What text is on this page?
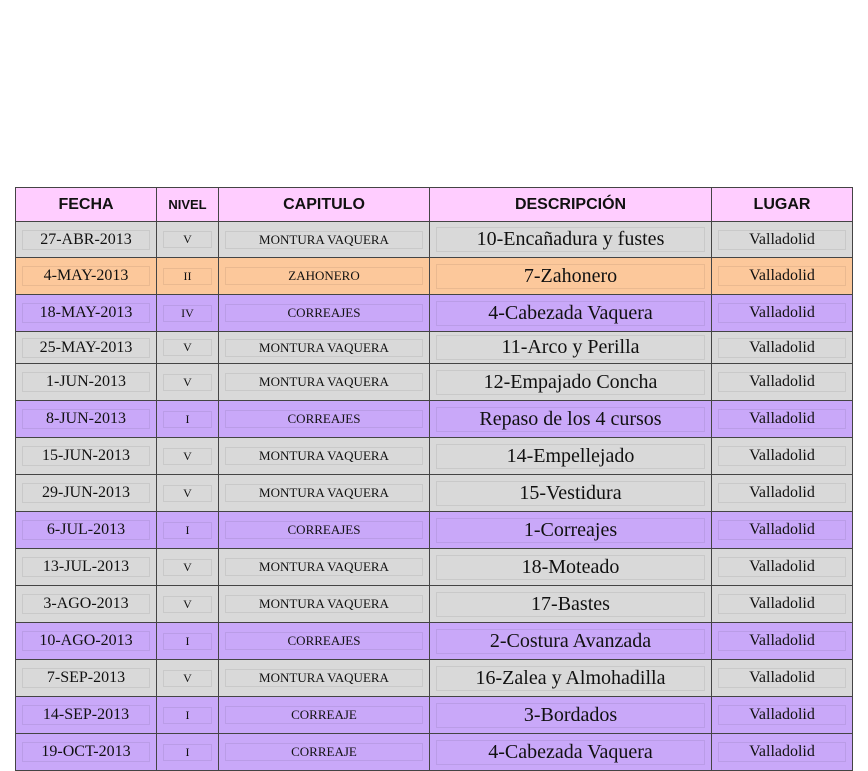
FECHA	NIVEL	CAPITULO	DESCRIPCIÓN	LUGAR

27-ABR-2013	V	MONTURA VAQUERA	10-Encañadura y fustes	Valladolid

4-MAY-2013	II	ZAHONERO	7-Zahonero	Valladolid

18-MAY-2013	IV	CORREAJES	4-Cabezada Vaquera	Valladolid

25-MAY-2013	V	MONTURA VAQUERA	11-Arco y Perilla	Valladolid

1-JUN-2013	V	MONTURA VAQUERA	12-Empajado Concha	Valladolid

8-JUN-2013	I	CORREAJES	Repaso de los 4 cursos	Valladolid

15-JUN-2013	V	MONTURA VAQUERA	14-Empellejado	Valladolid

29-JUN-2013	V	MONTURA VAQUERA	15-Vestidura	Valladolid

6-JUL-2013	I	CORREAJES	1-Correajes	Valladolid

13-JUL-2013	V	MONTURA VAQUERA	18-Moteado	Valladolid

3-AGO-2013	V	MONTURA VAQUERA	17-Bastes	Valladolid

10-AGO-2013	I	CORREAJES	2-Costura Avanzada	Valladolid

7-SEP-2013	V	MONTURA VAQUERA	16-Zalea y Almohadilla	Valladolid

14-SEP-2013	I	CORREAJE	3-Bordados	Valladolid

19-OCT-2013	I	CORREAJE	4-Cabezada Vaquera	Valladolid
